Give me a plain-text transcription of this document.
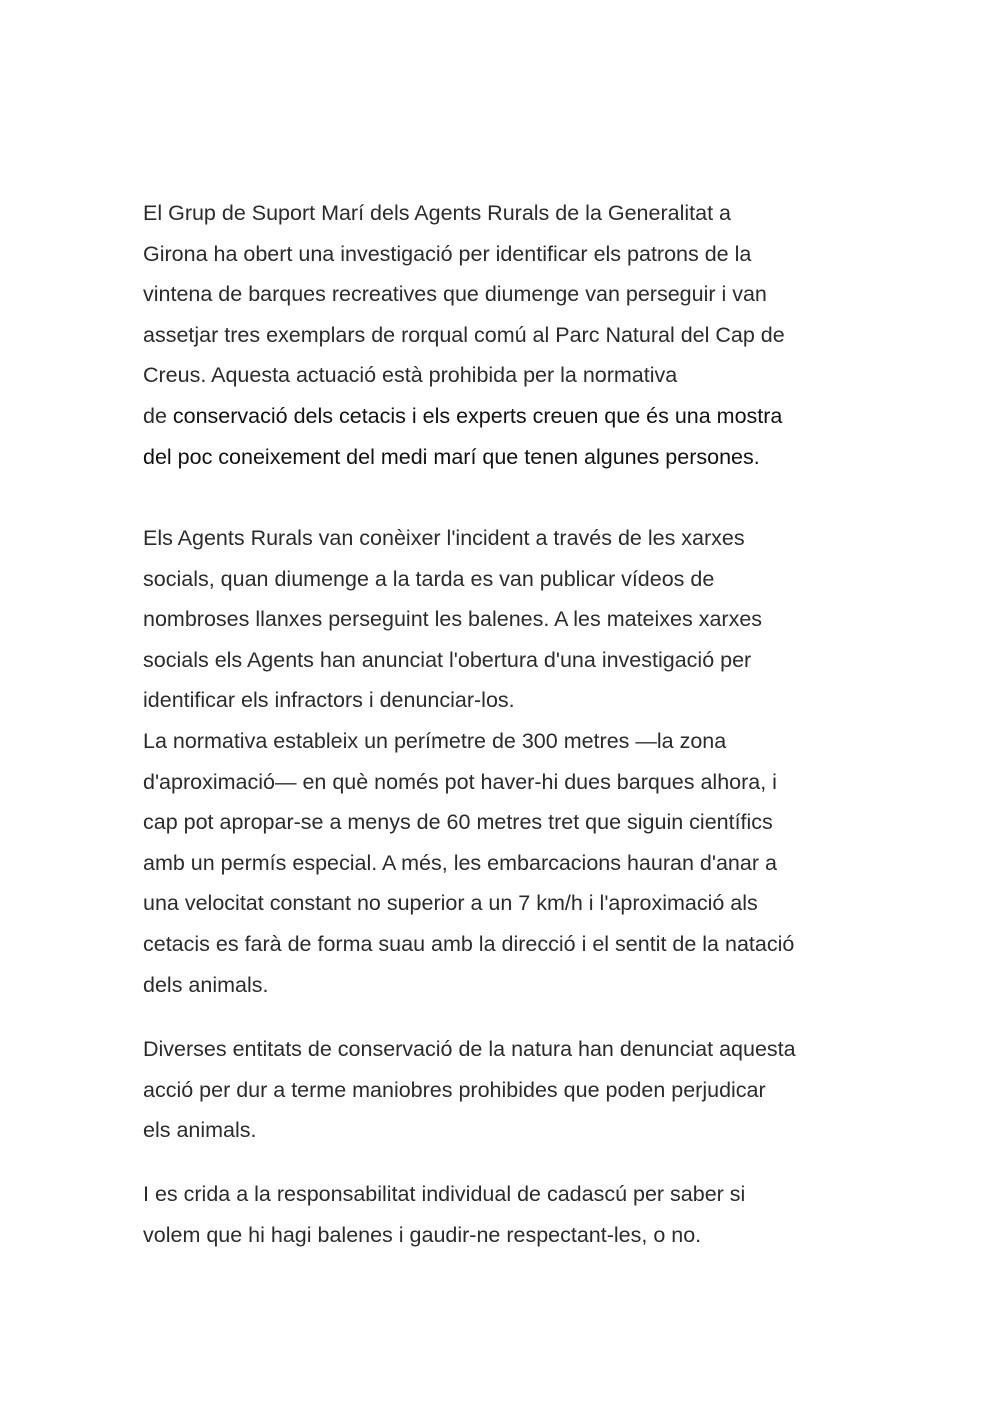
El Grup de Suport Marí dels Agents Rurals de la Generalitat a
Girona ha obert una investigació per identificar els patrons de la
vintena de barques recreatives que diumenge van perseguir i van
assetjar tres exemplars de rorqual comú al Parc Natural del Cap de
Creus. Aquesta actuació està prohibida per la normativa
de conservació dels cetacis i els experts creuen que és una mostra
del poc coneixement del medi marí que tenen algunes persones.

Els Agents Rurals van conèixer l'incident a través de les xarxes
socials, quan diumenge a la tarda es van publicar vídeos de
nombroses llanxes perseguint les balenes. A les mateixes xarxes
socials els Agents han anunciat l'obertura d'una investigació per
identificar els infractors i denunciar-los.

La normativa estableix un perímetre de 300 metres —la zona
d'aproximació— en què només pot haver-hi dues barques alhora, i
cap pot apropar-se a menys de 60 metres tret que siguin científics
amb un permís especial. A més, les embarcacions hauran d'anar a
una velocitat constant no superior a un 7 km/h i l'aproximació als
cetacis es farà de forma suau amb la direcció i el sentit de la natació
dels animals.

Diverses entitats de conservació de la natura han denunciat aquesta
acció per dur a terme maniobres prohibides que poden perjudicar
els animals.

I es crida a la responsabilitat individual de cadascú per saber si
volem que hi hagi balenes i gaudir-ne respectant-les, o no.
